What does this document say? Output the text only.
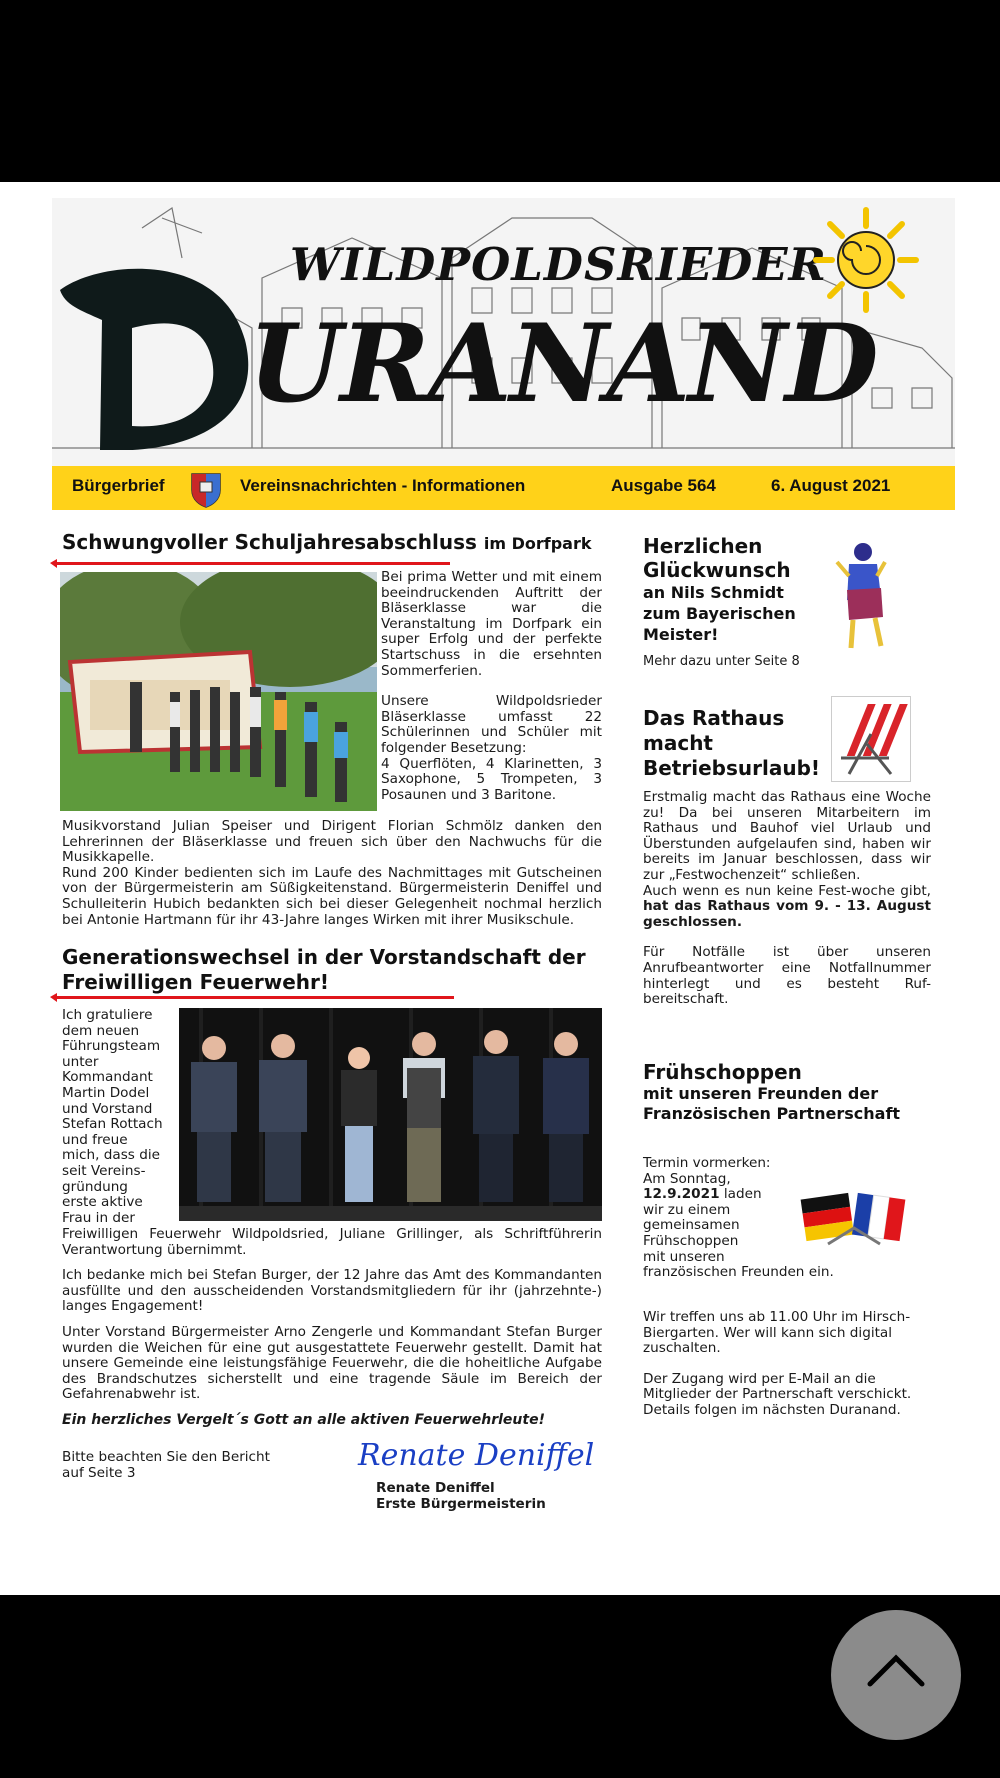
WILDPOLDSRIEDER
URANAND
Bürgerbrief	Vereinsnachrichten - Informationen	Ausgabe 564	6. August 2021
Schwungvoller Schuljahresabschluss im Dorfpark

Bei prima Wetter und mit einem beeindruckenden Auftritt der Bläserklasse war die Veranstaltung im Dorfpark ein super Erfolg und der perfekte Startschuss in die ersehnten Sommerferien.

Unsere Wildpoldsrieder Bläserklasse umfasst 22 Schülerinnen und Schüler mit folgender Besetzung:

4 Querflöten, 4 Klarinetten, 3 Saxophone, 5 Trompeten, 3 Posaunen und 3 Baritone.

Musikvorstand Julian Speiser und Dirigent Florian Schmölz danken den Lehrerinnen der Bläserklasse und freuen sich über den Nachwuchs für die Musikkapelle.

Rund 200 Kinder bedienten sich im Laufe des Nachmittages mit Gutscheinen von der Bürgermeisterin am Süßigkeitenstand. Bürgermeisterin Deniffel und Schulleiterin Hubich bedankten sich bei dieser Gelegenheit nochmal herzlich bei Antonie Hartmann für ihr 43-Jahre langes Wirken mit ihrer Musikschule.

Generationswechsel in der Vorstandschaft der
Freiwilligen Feuerwehr!

Ich gratuliere
dem neuen
Führungsteam
unter
Kommandant
Martin Dodel
und Vorstand
Stefan Rottach
und freue
mich, dass die
seit Vereins-
gründung
erste aktive
Frau in der

Freiwilligen Feuerwehr Wildpoldsried, Juliane Grillinger, als Schriftführerin Verantwortung übernimmt.

Ich bedanke mich bei Stefan Burger, der 12 Jahre das Amt des Kommandanten ausfüllte und den ausscheidenden Vorstandsmitgliedern für ihr (jahrzehnte-) langes Engagement!

Unter Vorstand Bürgermeister Arno Zengerle und Kommandant Stefan Burger wurden die Weichen für eine gut ausgestattete Feuerwehr gestellt. Damit hat unsere Gemeinde eine leistungsfähige Feuerwehr, die die hoheitliche Aufgabe des Brandschutzes sicherstellt und eine tragende Säule im Bereich der Gefahrenabwehr ist.

Ein herzliches Vergelt´s Gott an alle aktiven Feuerwehrleute!

Bitte beachten Sie den Bericht
auf Seite 3	Renate Deniffel
Renate Deniffel
Erste Bürgermeisterin
Herzlichen Glückwunsch
an Nils Schmidt zum Bayerischen
Meister!

Mehr dazu unter Seite 8

Das Rathaus
macht
Betriebsurlaub!

Erstmalig macht das Rathaus eine Woche zu! Da bei unseren Mitarbeitern im Rathaus und Bauhof viel Urlaub und Überstunden aufgelaufen sind, haben wir bereits im Januar beschlossen, dass wir zur „Festwochenzeit“ schließen.

Auch wenn es nun keine Fest-woche gibt, hat das Rathaus vom 9. - 13. August geschlossen.

Für Notfälle ist über unseren Anrufbeantworter eine Notfallnummer hinterlegt und es besteht Ruf-bereitschaft.

Frühschoppen
mit unseren Freunden der Französischen Partnerschaft

Termin vormerken:
Am Sonntag,
12.9.2021 laden
wir zu einem
gemeinsamen
Frühschoppen
mit unseren
französischen Freunden ein.

Wir treffen uns ab 11.00 Uhr im Hirsch-Biergarten. Wer will kann sich digital zuschalten.

Der Zugang wird per E-Mail an die Mitglieder der Partnerschaft verschickt. Details folgen im nächsten Duranand.
